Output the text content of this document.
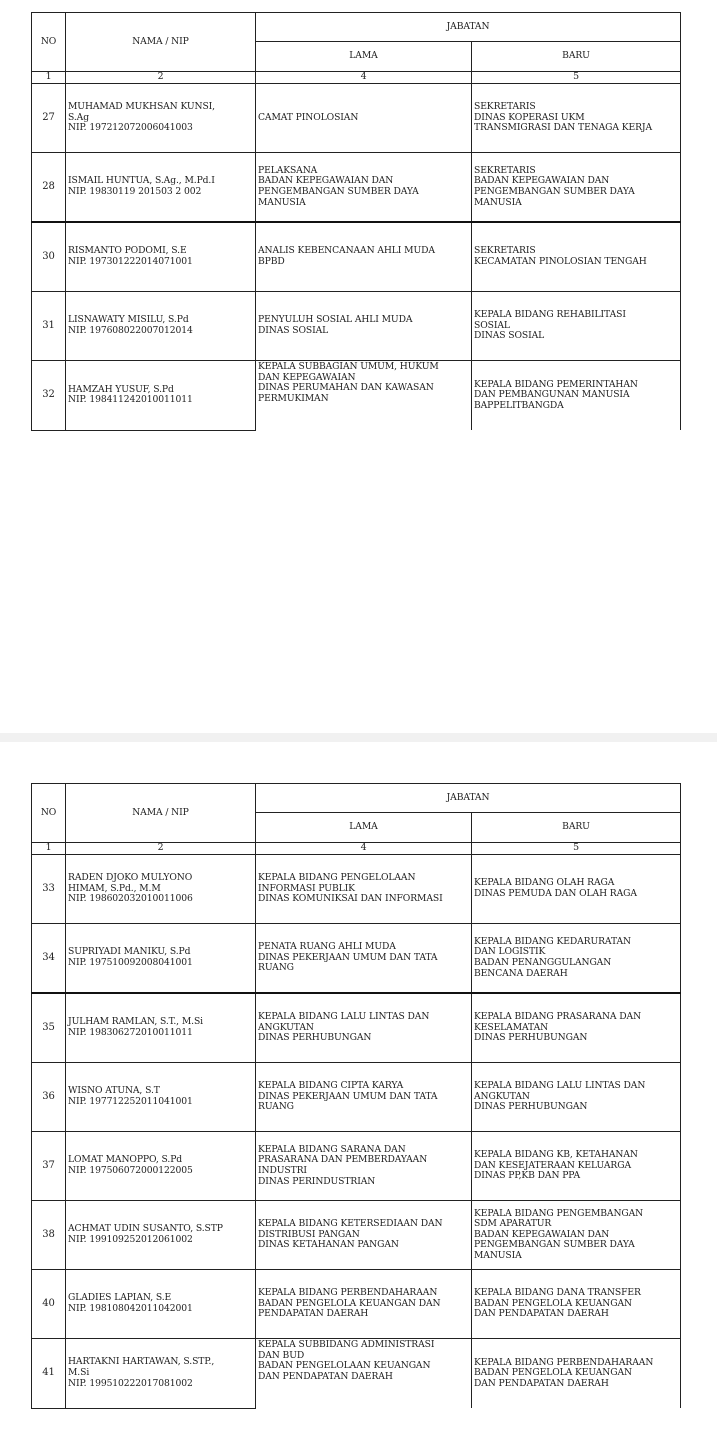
NO	NAMA / NIP	JABATAN	
		LAMA	BARU
1	2	4	5
27	MUHAMAD MUKHSAN KUNSI,
S.Ag
NIP. 197212072006041003	CAMAT PINOLOSIAN	SEKRETARIS
DINAS KOPERASI UKM
TRANSMIGRASI DAN TENAGA KERJA

28	ISMAIL HUNTUA, S.Ag., M.Pd.I
NIP. 19830119 201503 2 002	PELAKSANA
BADAN KEPEGAWAIAN DAN
PENGEMBANGAN SUMBER DAYA
MANUSIA	SEKRETARIS
BADAN KEPEGAWAIAN DAN
PENGEMBANGAN SUMBER DAYA
MANUSIA

30	RISMANTO PODOMI, S.E
NIP. 197301222014071001	ANALIS KEBENCANAAN AHLI MUDA
BPBD	SEKRETARIS
KECAMATAN PINOLOSIAN TENGAH

31	LISNAWATY MISILU, S.Pd
NIP. 197608022007012014	PENYULUH SOSIAL AHLI MUDA
DINAS SOSIAL	KEPALA BIDANG REHABILITASI
SOSIAL
DINAS SOSIAL

32	HAMZAH YUSUF, S.Pd
NIP. 198411242010011011	KEPALA SUBBAGIAN UMUM, HUKUM
DAN KEPEGAWAIAN
DINAS PERUMAHAN DAN KAWASAN
PERMUKIMAN	KEPALA BIDANG PEMERINTAHAN
DAN PEMBANGUNAN MANUSIA
BAPPELITBANGDA
NO	NAMA / NIP	JABATAN	
		LAMA	BARU
1	2	4	5
33	RADEN DJOKO MULYONO
HIMAM, S.Pd., M.M
NIP. 198602032010011006	KEPALA BIDANG PENGELOLAAN
INFORMASI PUBLIK
DINAS KOMUNIKSAI DAN INFORMASI	KEPALA BIDANG OLAH RAGA
DINAS PEMUDA DAN OLAH RAGA

34	SUPRIYADI MANIKU, S.Pd
NIP. 197510092008041001	PENATA RUANG AHLI MUDA
DINAS PEKERJAAN UMUM DAN TATA
RUANG	KEPALA BIDANG KEDARURATAN
DAN LOGISTIK
BADAN PENANGGULANGAN
BENCANA DAERAH

35	JULHAM RAMLAN, S.T., M.Si
NIP. 198306272010011011	KEPALA BIDANG LALU LINTAS DAN
ANGKUTAN
DINAS PERHUBUNGAN	KEPALA BIDANG PRASARANA DAN
KESELAMATAN
DINAS PERHUBUNGAN

36	WISNO ATUNA, S.T
NIP. 197712252011041001	KEPALA BIDANG CIPTA KARYA
DINAS PEKERJAAN UMUM DAN TATA
RUANG	KEPALA BIDANG LALU LINTAS DAN
ANGKUTAN
DINAS PERHUBUNGAN

37	LOMAT MANOPPO, S.Pd
NIP. 197506072000122005	KEPALA BIDANG SARANA DAN
PRASARANA DAN PEMBERDAYAAN
INDUSTRI
DINAS PERINDUSTRIAN	KEPALA BIDANG KB, KETAHANAN
DAN KESEJATERAAN KELUARGA
DINAS PP,KB DAN PPA

38	ACHMAT UDIN SUSANTO, S.STP
NIP. 199109252012061002	KEPALA BIDANG KETERSEDIAAN DAN
DISTRIBUSI PANGAN
DINAS KETAHANAN PANGAN	KEPALA BIDANG PENGEMBANGAN
SDM APARATUR
BADAN KEPEGAWAIAN DAN
PENGEMBANGAN SUMBER DAYA
MANUSIA

40	GLADIES LAPIAN, S.E
NIP. 198108042011042001	KEPALA BIDANG PERBENDAHARAAN
BADAN PENGELOLA KEUANGAN DAN
PENDAPATAN DAERAH	KEPALA BIDANG DANA TRANSFER
BADAN PENGELOLA KEUANGAN
DAN PENDAPATAN DAERAH

41	HARTAKNI HARTAWAN, S.STP.,
M.Si
NIP. 199510222017081002	KEPALA SUBBIDANG ADMINISTRASI
DAN BUD
BADAN PENGELOLAAN KEUANGAN
DAN PENDAPATAN DAERAH	KEPALA BIDANG PERBENDAHARAAN
BADAN PENGELOLA KEUANGAN
DAN PENDAPATAN DAERAH
